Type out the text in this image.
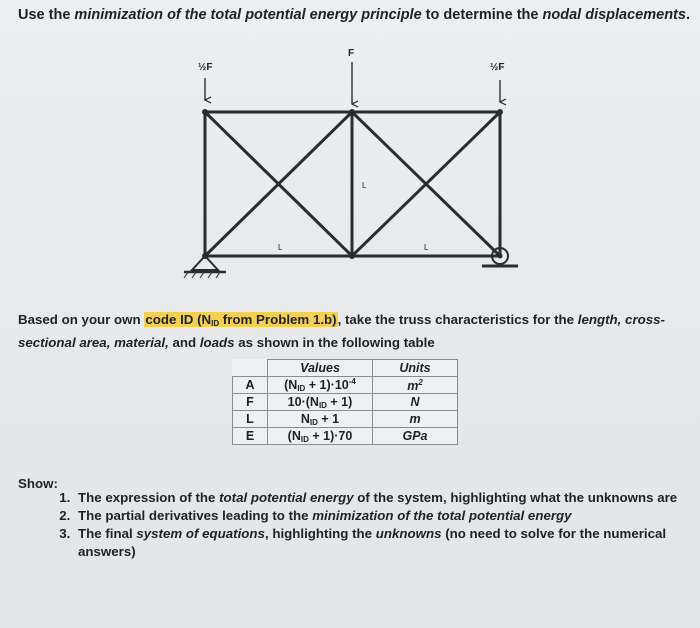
Use the minimization of the total potential energy principle to determine the nodal displacements.
½F
F
½F
L
L	L
Based on your own code ID ($N_{ID}$ from Problem 1.b), take the truss characteristics for the length, cross-sectional area, material, and loads as shown in the following table
	Values	Units
A	$(N_{ID} + 1)\cdot 10^{-4}$	$m^2$
F	$10\cdot(N_{ID} + 1)$	N
L	$N_{ID} + 1$	m
E	$(N_{ID} + 1)\cdot 70$	GPa
Show:
1. The expression of the total potential energy of the system, highlighting what the unknowns are
2. The partial derivatives leading to the minimization of the total potential energy
3. The final system of equations, highlighting the unknowns (no need to solve for the numerical answers)
